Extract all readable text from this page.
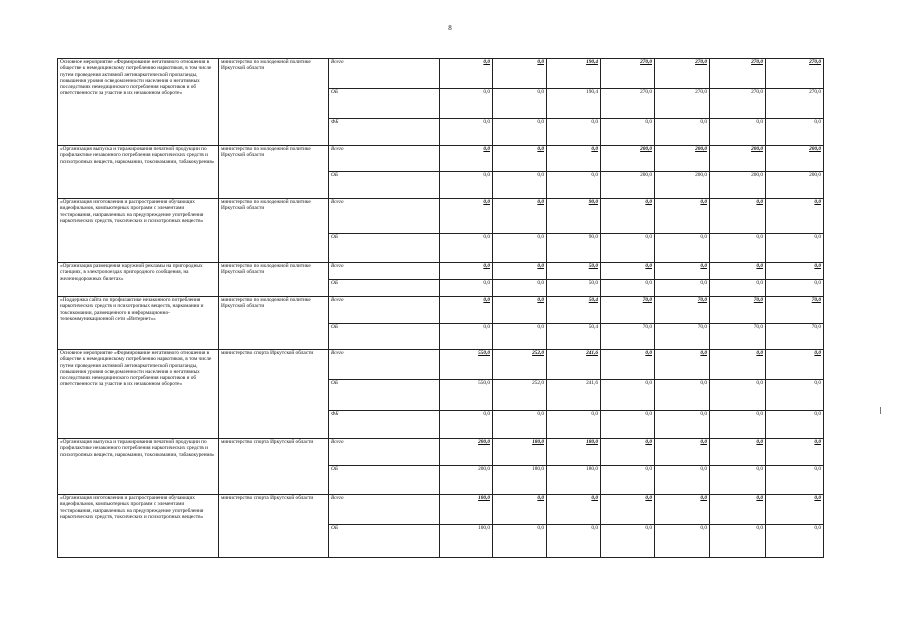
8
Основное мероприятие «Формирование негативного отношения в обществе к немедицинскому потреблению наркотиков, в том числе путем проведения активной антинаркотической пропаганды, повышения уровня осведомленности населения о негативных последствиях немедицинского потребления наркотиков и об ответственности за участие в их незаконном обороте»	министерство по молодежной политике Иркутской области	Всего	0,0	0,0	190,4	270,0	270,0	270,0	270,0
		ОБ	0,0	0,0	190,4	270,0	270,0	270,0	270,0
		ФБ	0,0	0,0	0,0	0,0	0,0	0,0	0,0
«Организация выпуска и тиражирования печатной продукции по профилактике незаконного потребления наркотических средств и психотропных веществ, наркомании, токсикомании, табакокурения»	министерство по молодежной политике Иркутской области	Всего	0,0	0,0	0,0	200,0	200,0	200,0	200,0
		ОБ	0,0	0,0	0,0	200,0	200,0	200,0	200,0
«Организация изготовления и распространения обучающих видеофильмов, компьютерных программ с элементами тестирования, направленных на предупреждение употребления наркотических средств, токсических и психотропных веществ»	министерство по молодежной политике Иркутской области	Всего	0,0	0,0	90,0	0,0	0,0	0,0	0,0
		ОБ	0,0	0,0	90,0	0,0	0,0	0,0	0,0
«Организация размещения наружной рекламы на пригородных станциях, в электропоездах пригородного сообщения, на железнодорожных билетах»	министерство по молодежной политике Иркутской области	Всего	0,0	0,0	50,0	0,0	0,0	0,0	0,0
		ОБ	0,0	0,0	50,0	0,0	0,0	0,0	0,0
«Поддержка сайта по профилактике незаконного потребления наркотических средств и психотропных веществ, наркомании и токсикомании, размещенного в информационно-телекоммуникационной сети «Интернет»»	министерство по молодежной политике Иркутской области	Всего	0,0	0,0	50,4	70,0	70,0	70,0	70,0
		ОБ	0,0	0,0	50,4	70,0	70,0	70,0	70,0
Основное мероприятие «Формирование негативного отношения в обществе к немедицинскому потреблению наркотиков, в том числе путем проведения активной антинаркотической пропаганды, повышения уровня осведомленности населения о негативных последствиях немедицинского потребления наркотиков и об ответственности за участие в их незаконном обороте»	министерство спорта Иркутской области	Всего	550,0	252,0	241,6	0,0	0,0	0,0	0,0
		ОБ	550,0	252,0	241,6	0,0	0,0	0,0	0,0
		ФБ	0,0	0,0	0,0	0,0	0,0	0,0	0,0
«Организация выпуска и тиражирования печатной продукции по профилактике незаконного потребления наркотических средств и психотропных веществ, наркомании, токсикомании, табакокурения»	министерство спорта Иркутской области	Всего	200,0	180,0	180,0	0,0	0,0	0,0	0,0
		ОБ	200,0	180,0	180,0	0,0	0,0	0,0	0,0
«Организация изготовления и распространения обучающих видеофильмов, компьютерных программ с элементами тестирования, направленных на предупреждение употребления наркотических средств, токсических и психотропных веществ»	министерство спорта Иркутской области	Всего	100,0	0,0	0,0	0,0	0,0	0,0	0,0
		ОБ	100,0	0,0	0,0	0,0	0,0	0,0	0,0
